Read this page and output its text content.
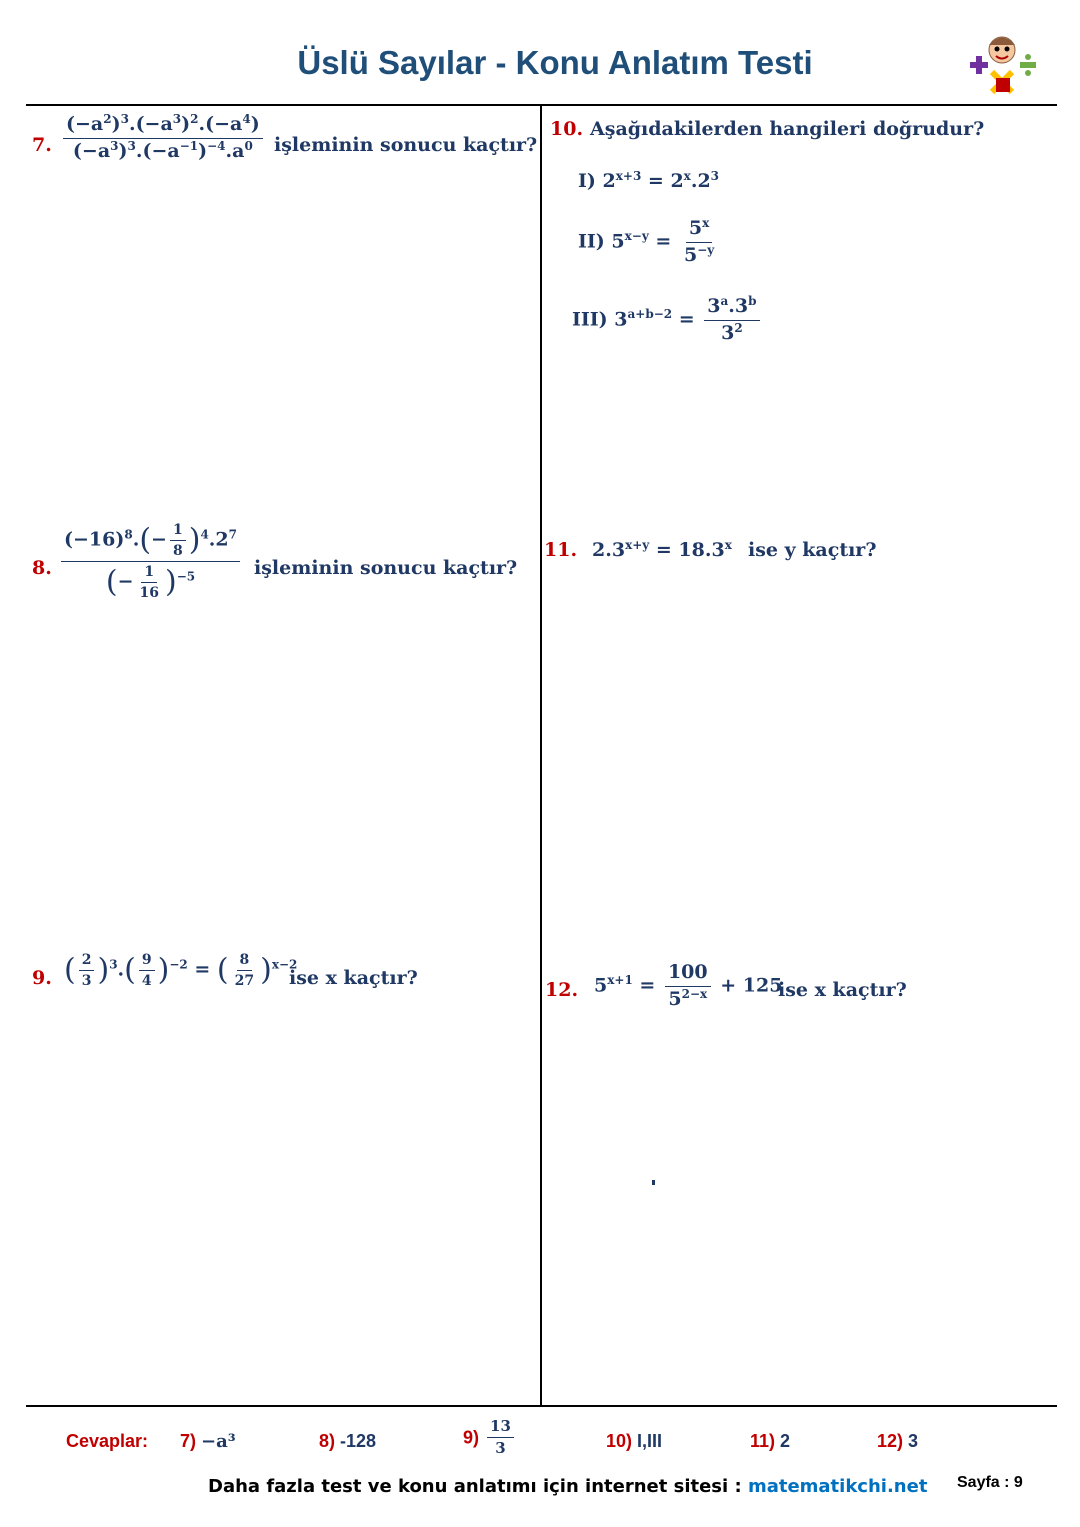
Üslü Sayılar - Konu Anlatım Testi
7. $\frac{(-a^2)^3.(-a^3)^2.(-a^4)}{(-a^3)^3.(-a^{-1})^{-4}.a^0}$ işleminin sonucu kaçtır?
8. $\frac{(-16)^8.(- \frac{1}{8} )^4.2^7}{(- \frac{1}{16} )^{-5}}$ işleminin sonucu kaçtır?
9. ( $\frac{2}{3} )^3.( \frac{9}{4} )^{-2}$ = ( $\frac{8}{27} )^{x-2}$
ise x kaçtır?
10. Aşağıdakilerden hangileri doğrudur?
I) $2^{x+3} = 2^x.2^3$
II) $5^{x-y} = \frac{5^x}{5^{-y}}$
III) $3^{a+b-2} = \frac{3^a.3^b}{3^2}$
11. $2.3^{x+y} = 18.3^x$ ise y kaçtır?
12. $5^{x+1} = \frac{100}{5^{2-x}} + 125$
ise x kaçtır?
Cevaplar: 7) −a³	8) -128	$9) \frac{13}{3}$	10) I,III	11) 2	12) 3
Daha fazla test ve konu anlatımı için internet sitesi : matematikchi.net Sayfa : 9
